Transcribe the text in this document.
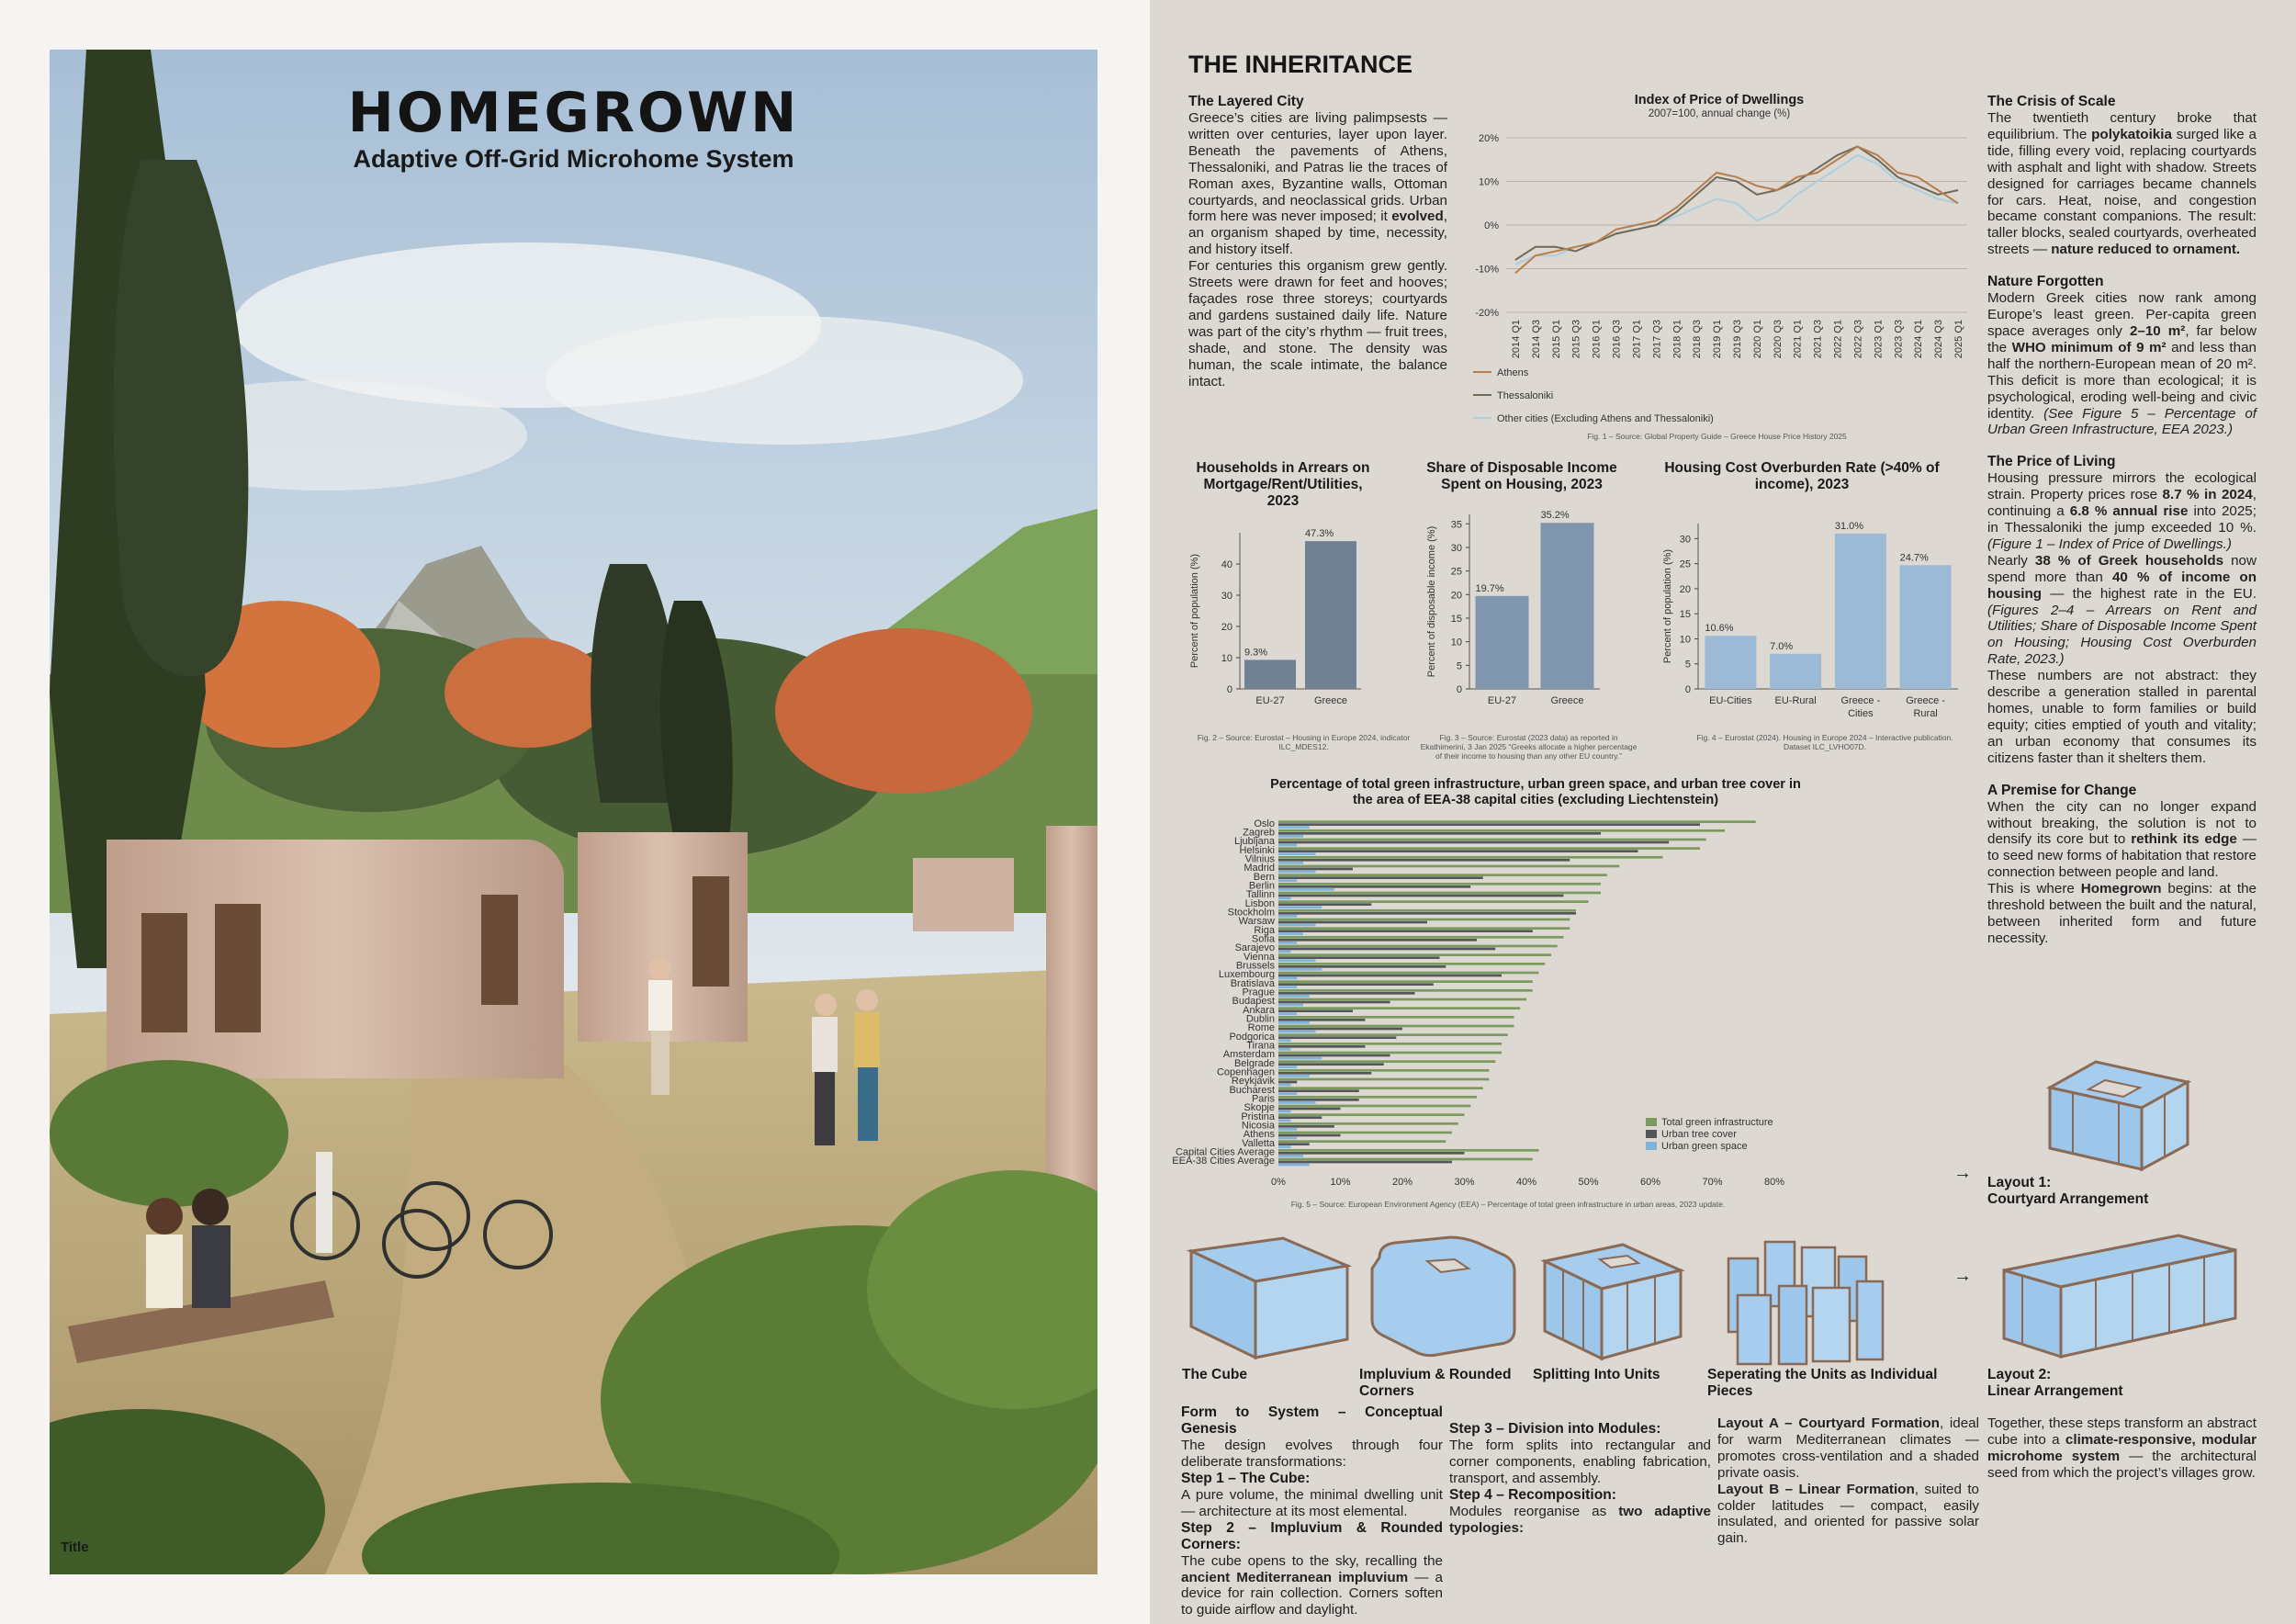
HOMEGROWN
Adaptive Off-Grid Microhome System
Title
THE INHERITANCE
The Layered City
Greece’s cities are living palimpsests — written over centuries, layer upon layer. Beneath the pavements of Athens, Thessaloniki, and Patras lie the traces of Roman axes, Byzantine walls, Ottoman courtyards, and neoclassical grids. Urban form here was never imposed; it evolved, an organism shaped by time, necessity, and history itself.
For centuries this organism grew gently. Streets were drawn for feet and hooves; façades rose three storeys; courtyards and gardens sustained daily life. Nature was part of the city’s rhythm — fruit trees, shade, and stone. The density was human, the scale intimate, the balance intact.
The Crisis of Scale
The twentieth century broke that equilibrium. The polykatoikia surged like a tide, filling every void, replacing courtyards with asphalt and light with shadow. Streets designed for carriages became channels for cars. Heat, noise, and congestion became constant companions. The result: taller blocks, sealed courtyards, overheated streets — nature reduced to ornament.
Nature Forgotten
Modern Greek cities now rank among Europe’s least green. Per-capita green space averages only 2–10 m², far below the WHO minimum of 9 m² and less than half the northern-European mean of 20 m². This deficit is more than ecological; it is psychological, eroding well-being and civic identity. (See Figure 5 – Percentage of Urban Green Infrastructure, EEA 2023.)
The Price of Living
Housing pressure mirrors the ecological strain. Property prices rose 8.7 % in 2024, continuing a 6.8 % annual rise into 2025; in Thessaloniki the jump exceeded 10 %. (Figure 1 – Index of Price of Dwellings.)
Nearly 38 % of Greek households now spend more than 40 % of income on housing — the highest rate in the EU. (Figures 2–4 – Arrears on Rent and Utilities; Share of Disposable Income Spent on Housing; Housing Cost Overburden Rate, 2023.)
These numbers are not abstract: they describe a generation stalled in parental homes, unable to form families or build equity; cities emptied of youth and vitality; an urban economy that consumes its citizens faster than it shelters them.
A Premise for Change
When the city can no longer expand without breaking, the solution is not to densify its core but to rethink its edge — to seed new forms of habitation that restore connection between people and land.
This is where Homegrown begins: at the threshold between the built and the natural, between inherited form and future necessity.
Index of Price of Dwellings
2007=100, annual change (%)
-20%
-10%
0%
10%
20%
2014 Q1 2014 Q3 2015 Q1 2015 Q3 2016 Q1 2016 Q3 2017 Q1 2017 Q3 2018 Q1 2018 Q3 2019 Q1 2019 Q3 2020 Q1 2020 Q3 2021 Q1 2021 Q3 2022 Q1 2022 Q3 2023 Q1 2023 Q3 2024 Q1 2024 Q3 2025 Q1
Athens
Thessaloniki
Other cities (Excluding Athens and Thessaloniki)
Fig. 1 – Source: Global Property Guide – Greece House Price History 2025
Households in Arrears on Mortgage/Rent/Utilities, 2023
0
10
20
30
40
Percent of population (%)	9.3%
EU-27
47.3%
Greece
Fig. 2 – Source: Eurostat – Housing in Europe 2024, indicator ILC_MDES12.
Share of Disposable Income Spent on Housing, 2023
0
5
10
15
20
25
30
35
Percent of disposable income (%)	19.7%
EU-27
35.2%
Greece
Fig. 3 – Source: Eurostat (2023 data) as reported in Ekathimerini, 3 Jan 2025 “Greeks allocate a higher percentage of their income to housing than any other EU country.”
Housing Cost Overburden Rate (>40% of income), 2023
0
5
10
15
20
25
30
Percent of population (%)	10.6%
EU-Cities
7.0%
EU-Rural
31.0%
Greece -
Cities
24.7%
Greece -
Rural
Fig. 4 – Eurostat (2024). Housing in Europe 2024 – Interactive publication. Dataset ILC_LVHO07D.
Percentage of total green infrastructure, urban green space, and urban tree cover in the area of EEA-38 capital cities (excluding Liechtenstein)
Oslo
Zagreb
Ljubljana
Helsinki
Vilnius
Madrid
Bern
Berlin
Tallinn
Lisbon
Stockholm
Warsaw
Riga
Sofia
Sarajevo
Vienna
Brussels
Luxembourg
Bratislava
Prague
Budapest
Ankara
Dublin
Rome
Podgorica
Tirana
Amsterdam
Belgrade
Copenhagen
Reykjavik
Bucharest
Paris
Skopje
Pristina
Nicosia
Athens
Valletta
Capital Cities Average
EEA-38 Cities Average
0%	10%	20%	30%	40%	50%	60%	70%	80%
Total green infrastructure
Urban tree cover
Urban green space
Fig. 5 – Source: European Environment Agency (EEA) – Percentage of total green infrastructure in urban areas, 2023 update.
→ Layout 1:
Courtyard Arrangement
→
The Cube	Impluvium & Rounded Corners
Splitting Into Units	Seperating the Units as Individual Pieces
Layout 2:
Linear Arrangement
Form to System – Conceptual Genesis
The design evolves through four deliberate transformations:
Step 1 – The Cube:
A pure volume, the minimal dwelling unit — architecture at its most elemental.
Step 2 – Impluvium & Rounded Corners:
The cube opens to the sky, recalling the ancient Mediterranean impluvium — a device for rain collection. Corners soften to guide airflow and daylight.
Step 3 – Division into Modules:
The form splits into rectangular and corner components, enabling fabrication, transport, and assembly.
Step 4 – Recomposition:
Modules reorganise as two adaptive typologies:
Layout A – Courtyard Formation, ideal for warm Mediterranean climates — promotes cross-ventilation and a shaded private oasis.
Layout B – Linear Formation, suited to colder latitudes — compact, easily insulated, and oriented for passive solar gain.
Together, these steps transform an abstract cube into a climate-responsive, modular microhome system — the architectural seed from which the project’s villages grow.
